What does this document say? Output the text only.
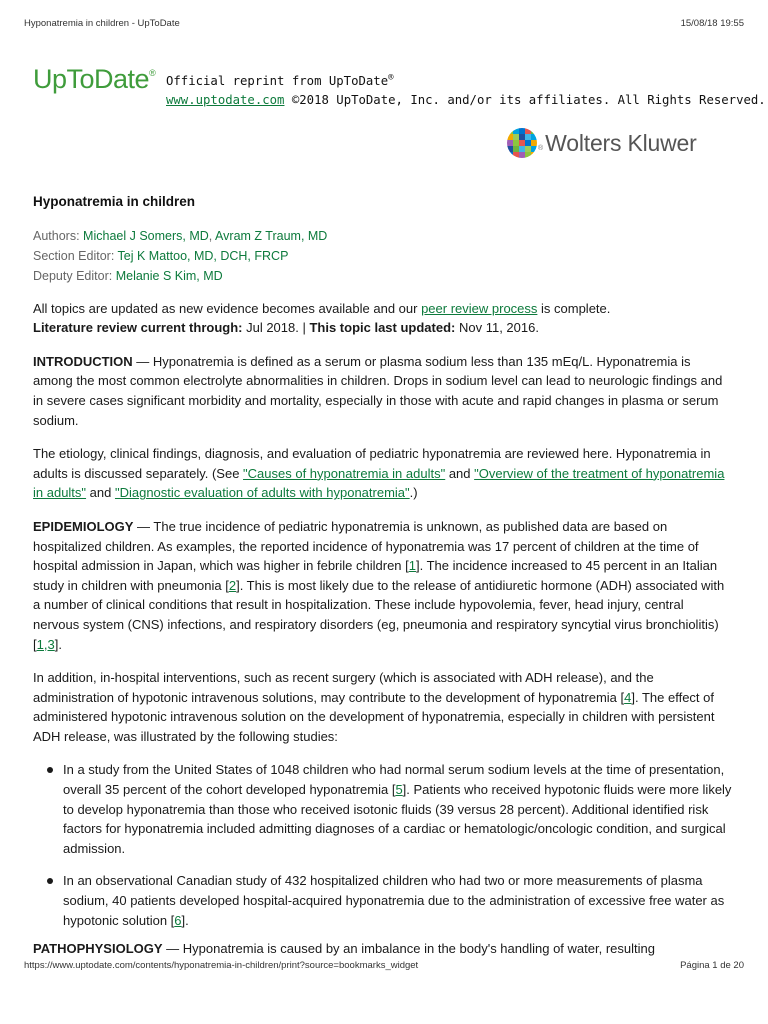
Hyponatremia in children - UpToDate	15/08/18 19:55
UpToDate®
Official reprint from UpToDate®
www.uptodate.com ©2018 UpToDate, Inc. and/or its affiliates. All Rights Reserved.
® Wolters Kluwer
Hyponatremia in children
Authors: Michael J Somers, MD, Avram Z Traum, MD
Section Editor: Tej K Mattoo, MD, DCH, FRCP
Deputy Editor: Melanie S Kim, MD
All topics are updated as new evidence becomes available and our peer review process is complete.
Literature review current through: Jul 2018. | This topic last updated: Nov 11, 2016.
INTRODUCTION — Hyponatremia is defined as a serum or plasma sodium less than 135 mEq/L. Hyponatremia is among the most common electrolyte abnormalities in children. Drops in sodium level can lead to neurologic findings and in severe cases significant morbidity and mortality, especially in those with acute and rapid changes in plasma or serum sodium.
The etiology, clinical findings, diagnosis, and evaluation of pediatric hyponatremia are reviewed here. Hyponatremia in adults is discussed separately. (See "Causes of hyponatremia in adults" and "Overview of the treatment of hyponatremia in adults" and "Diagnostic evaluation of adults with hyponatremia".)
EPIDEMIOLOGY — The true incidence of pediatric hyponatremia is unknown, as published data are based on hospitalized children. As examples, the reported incidence of hyponatremia was 17 percent of children at the time of hospital admission in Japan, which was higher in febrile children [1]. The incidence increased to 45 percent in an Italian study in children with pneumonia [2]. This is most likely due to the release of antidiuretic hormone (ADH) associated with a number of clinical conditions that result in hospitalization. These include hypovolemia, fever, head injury, central nervous system (CNS) infections, and respiratory disorders (eg, pneumonia and respiratory syncytial virus bronchiolitis) [1,3].
In addition, in-hospital interventions, such as recent surgery (which is associated with ADH release), and the administration of hypotonic intravenous solutions, may contribute to the development of hyponatremia [4]. The effect of administered hypotonic intravenous solution on the development of hyponatremia, especially in children with persistent ADH release, was illustrated by the following studies:
In a study from the United States of 1048 children who had normal serum sodium levels at the time of presentation, overall 35 percent of the cohort developed hyponatremia [5]. Patients who received hypotonic fluids were more likely to develop hyponatremia than those who received isotonic fluids (39 versus 28 percent). Additional identified risk factors for hyponatremia included admitting diagnoses of a cardiac or hematologic/oncologic condition, and surgical admission.
In an observational Canadian study of 432 hospitalized children who had two or more measurements of plasma sodium, 40 patients developed hospital-acquired hyponatremia due to the administration of excessive free water as hypotonic solution [6].
PATHOPHYSIOLOGY — Hyponatremia is caused by an imbalance in the body's handling of water, resulting
https://www.uptodate.com/contents/hyponatremia-in-children/print?source=bookmarks_widget	Página 1 de 20
